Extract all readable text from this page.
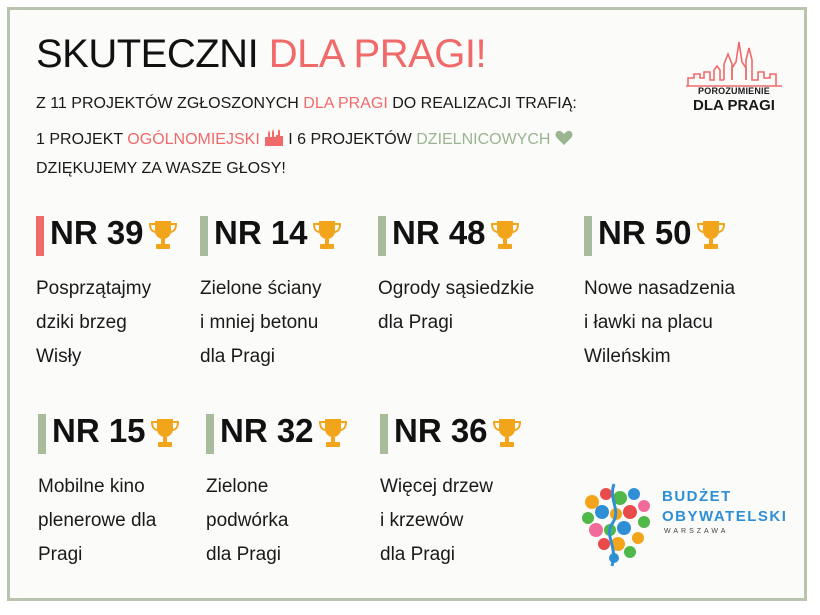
SKUTECZNI DLA PRAGI!
Z 11 PROJEKTÓW ZGŁOSZONYCH DLA PRAGI DO REALIZACJI TRAFIĄ:
1 PROJEKT OGÓLNOMIEJSKI I 6 PROJEKTÓW DZIELNICOWYCH
DZIĘKUJEMY ZA WASZE GŁOSY!
POROZUMIENIE
DLA PRAGI
NR 39
Posprzątajmy
dziki brzeg
Wisły
NR 14
Zielone ściany
i mniej betonu
dla Pragi
NR 48
Ogrody sąsiedzkie
dla Pragi
NR 50
Nowe nasadzenia
i ławki na placu
Wileńskim
NR 15
Mobilne kino
plenerowe dla
Pragi
NR 32
Zielone
podwórka
dla Pragi
NR 36
Więcej drzew
i krzewów
dla Pragi
BUDŻET
OBYWATELSKI
WARSZAWA
